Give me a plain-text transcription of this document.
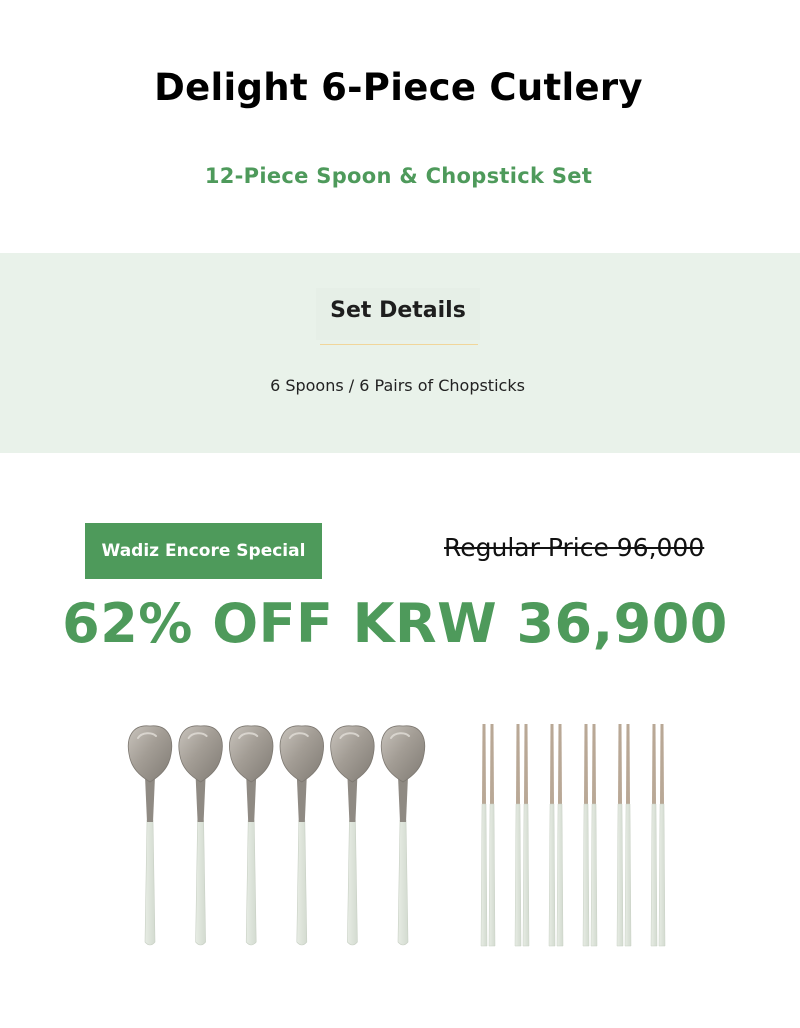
Delight 6-Piece Cutlery
12-Piece Spoon & Chopstick Set
Set Details
6 Spoons / 6 Pairs of Chopsticks
Wadiz Encore Special	Regular Price 96,000
62% OFF KRW 36,900
